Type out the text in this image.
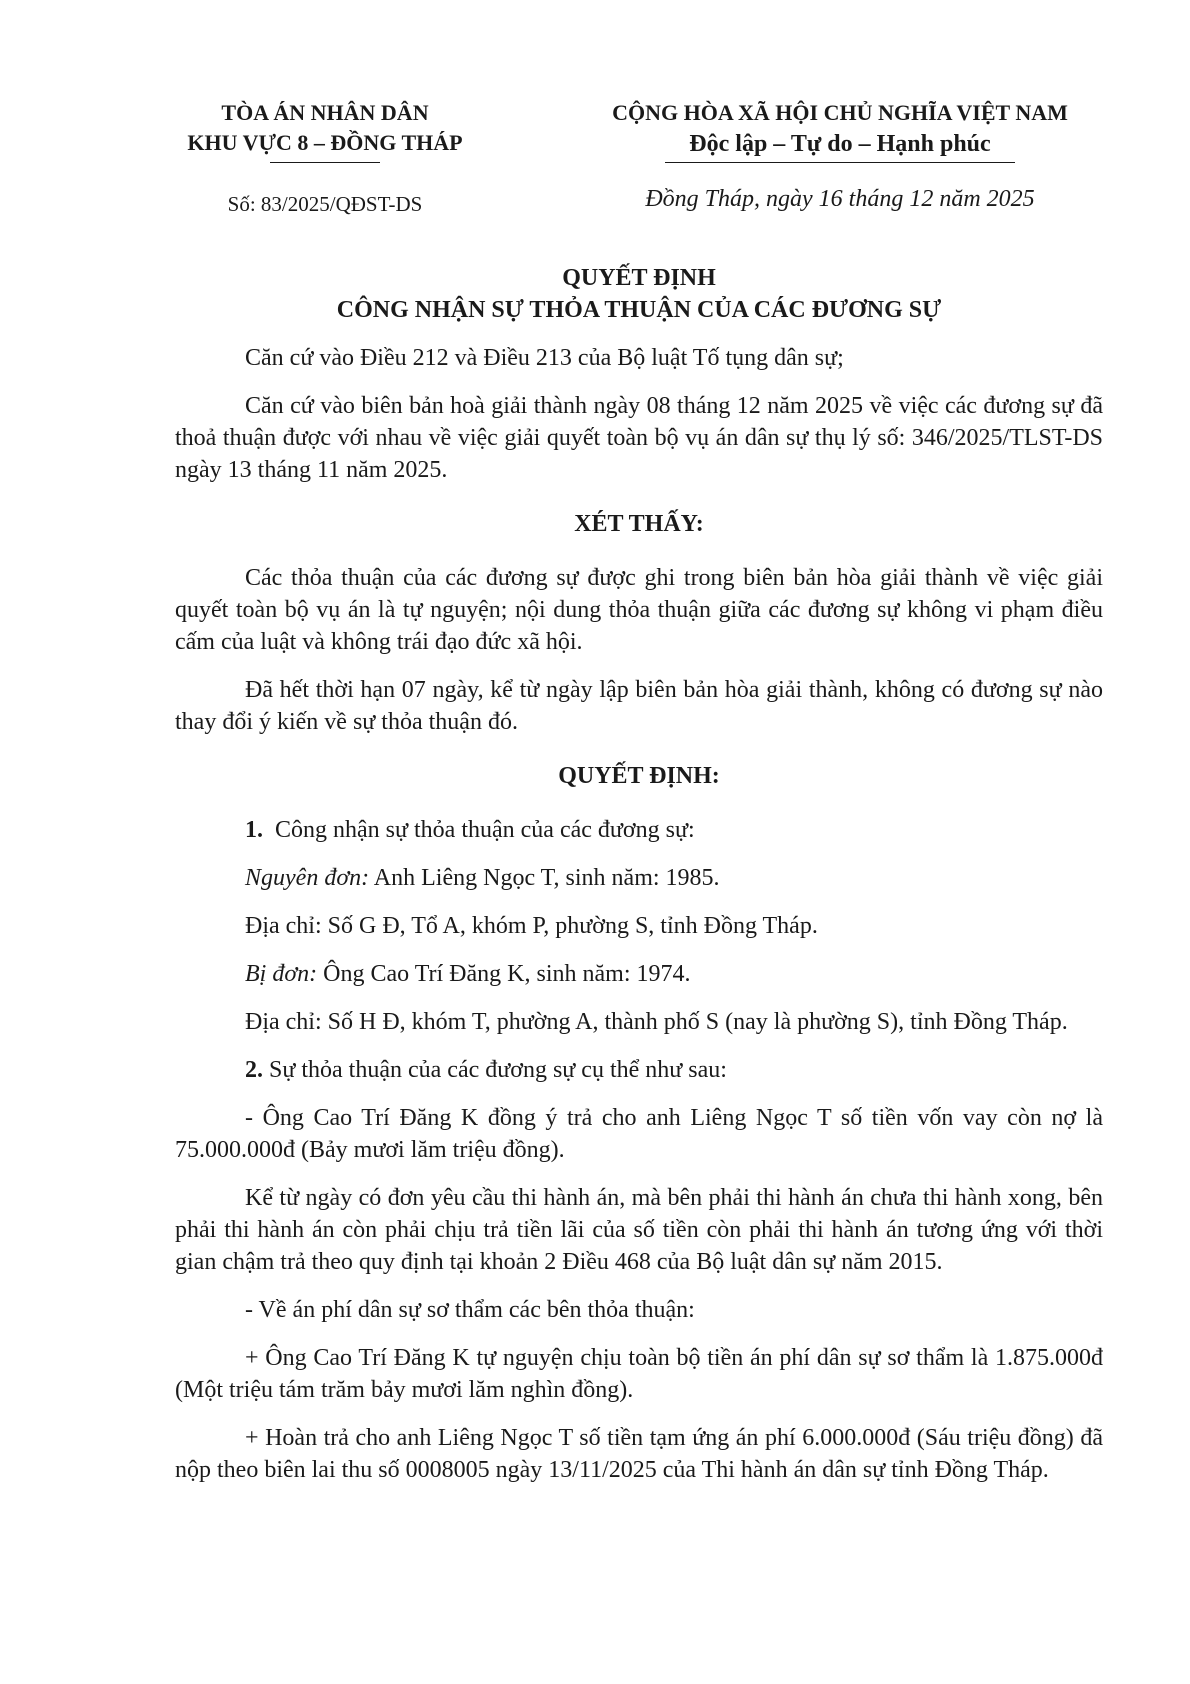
TÒA ÁN NHÂN DÂN
KHU VỰC 8 – ĐỒNG THÁP
Số: 83/2025/QĐST-DS
CỘNG HÒA XÃ HỘI CHỦ NGHĨA VIỆT NAM
Độc lập – Tự do – Hạnh phúc
Đồng Tháp, ngày 16 tháng 12 năm 2025
QUYẾT ĐỊNH
CÔNG NHẬN SỰ THỎA THUẬN CỦA CÁC ĐƯƠNG SỰ

Căn cứ vào Điều 212 và Điều 213 của Bộ luật Tố tụng dân sự;

Căn cứ vào biên bản hoà giải thành ngày 08 tháng 12 năm 2025 về việc các đương sự đã thoả thuận được với nhau về việc giải quyết toàn bộ vụ án dân sự thụ lý số: 346/2025/TLST-DS ngày 13 tháng 11 năm 2025.

XÉT THẤY:

Các thỏa thuận của các đương sự được ghi trong biên bản hòa giải thành về việc giải quyết toàn bộ vụ án là tự nguyện; nội dung thỏa thuận giữa các đương sự không vi phạm điều cấm của luật và không trái đạo đức xã hội.

Đã hết thời hạn 07 ngày, kể từ ngày lập biên bản hòa giải thành, không có đương sự nào thay đổi ý kiến về sự thỏa thuận đó.

QUYẾT ĐỊNH:

1. Công nhận sự thỏa thuận của các đương sự:

Nguyên đơn: Anh Liêng Ngọc T, sinh năm: 1985.

Địa chỉ: Số G Đ, Tổ A, khóm P, phường S, tỉnh Đồng Tháp.

Bị đơn: Ông Cao Trí Đăng K, sinh năm: 1974.

Địa chỉ: Số H Đ, khóm T, phường A, thành phố S (nay là phường S), tỉnh Đồng Tháp.

2. Sự thỏa thuận của các đương sự cụ thể như sau:

- Ông Cao Trí Đăng K đồng ý trả cho anh Liêng Ngọc T số tiền vốn vay còn nợ là 75.000.000đ (Bảy mươi lăm triệu đồng).

Kể từ ngày có đơn yêu cầu thi hành án, mà bên phải thi hành án chưa thi hành xong, bên phải thi hành án còn phải chịu trả tiền lãi của số tiền còn phải thi hành án tương ứng với thời gian chậm trả theo quy định tại khoản 2 Điều 468 của Bộ luật dân sự năm 2015.

- Về án phí dân sự sơ thẩm các bên thỏa thuận:

+ Ông Cao Trí Đăng K tự nguyện chịu toàn bộ tiền án phí dân sự sơ thẩm là 1.875.000đ (Một triệu tám trăm bảy mươi lăm nghìn đồng).

+ Hoàn trả cho anh Liêng Ngọc T số tiền tạm ứng án phí 6.000.000đ (Sáu triệu đồng) đã nộp theo biên lai thu số 0008005 ngày 13/11/2025 của Thi hành án dân sự tỉnh Đồng Tháp.
